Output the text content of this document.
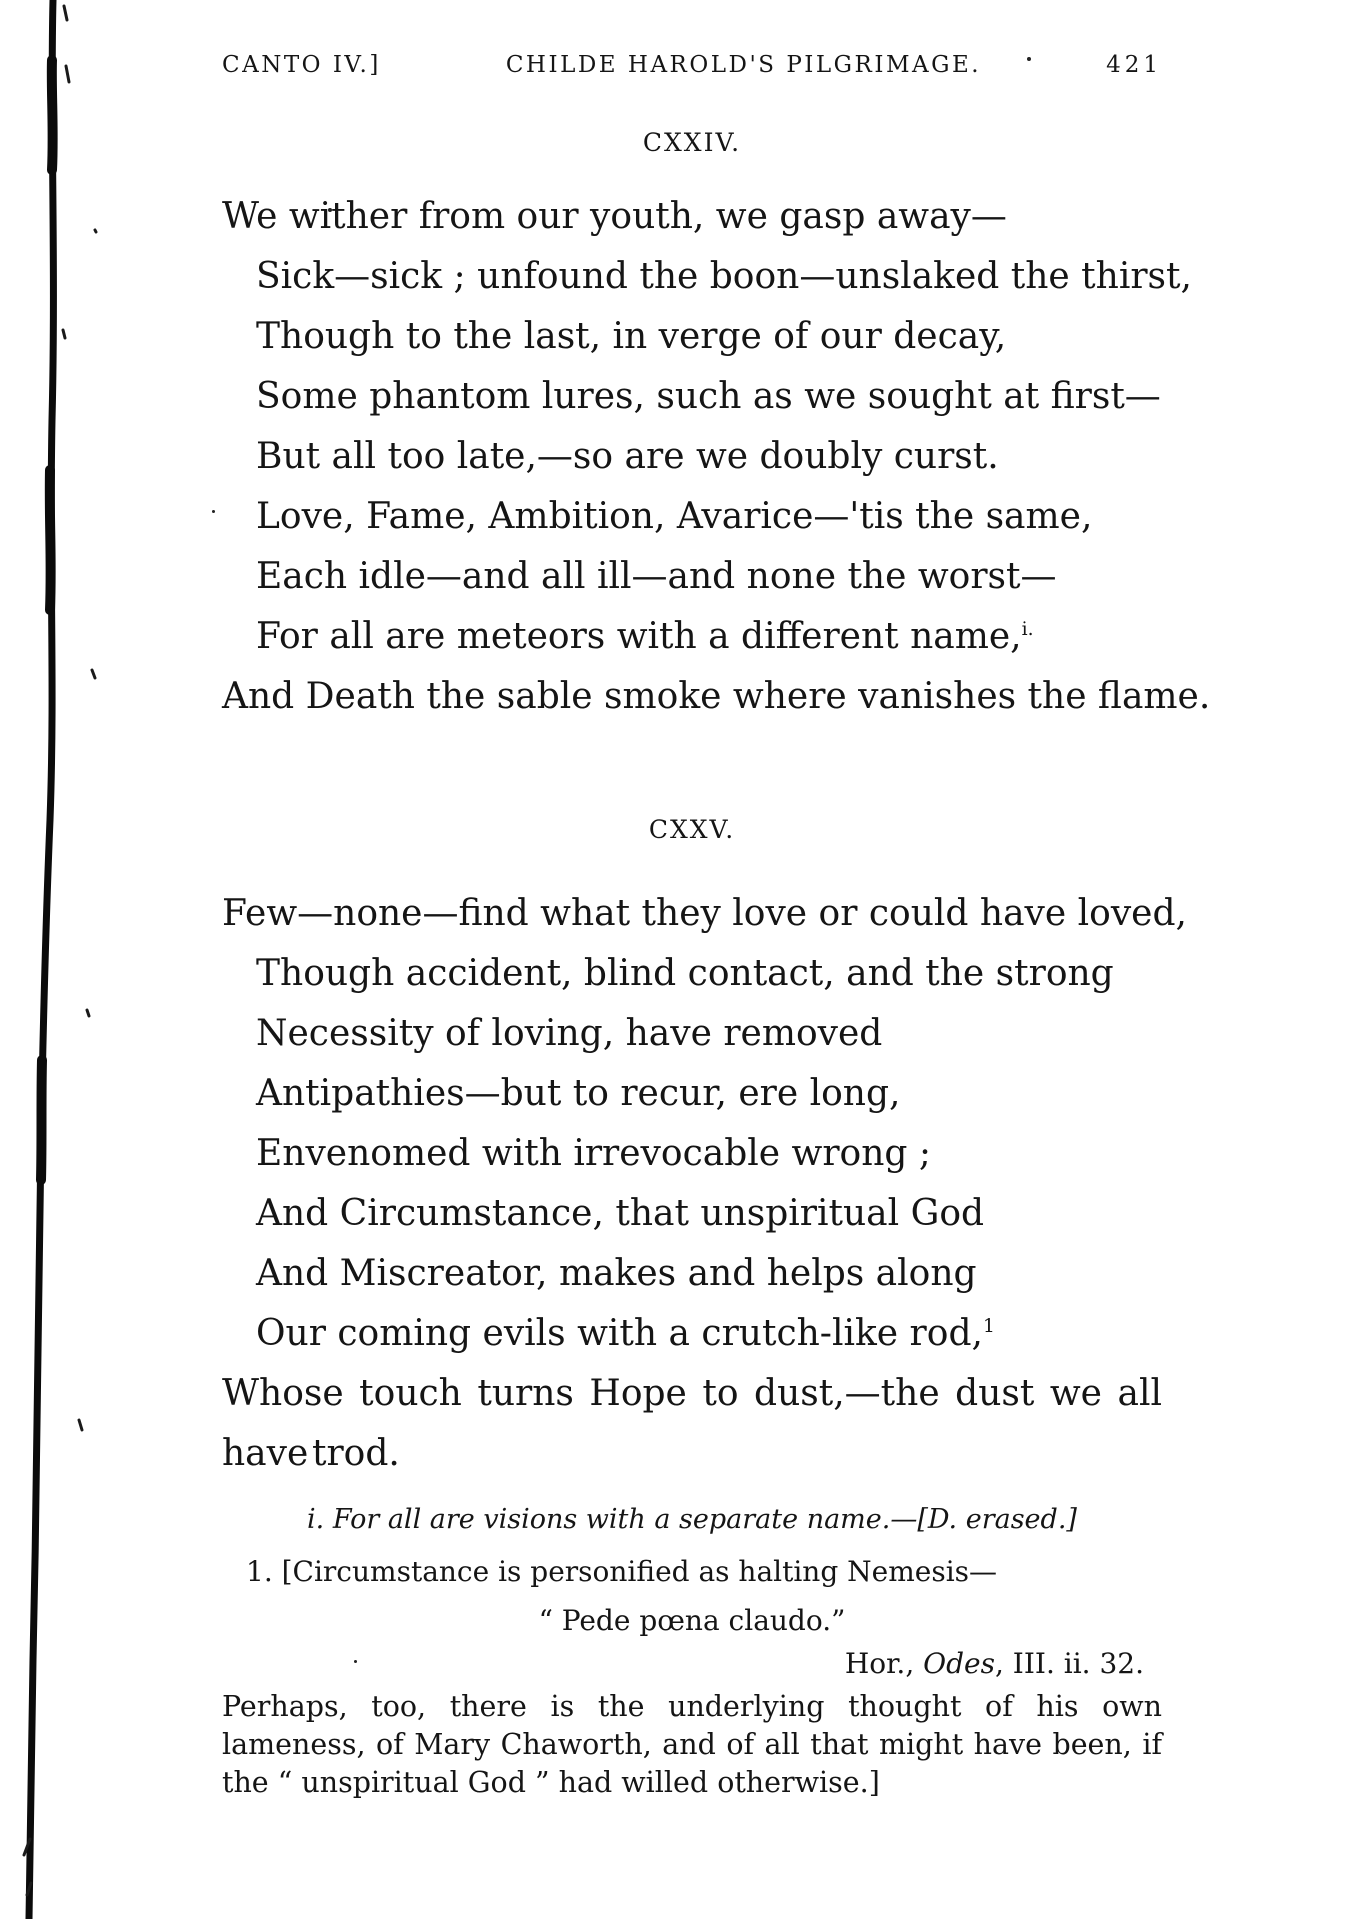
CANTO IV.]	CHILDE HAROLD'S PILGRIMAGE.	421
CXXIV.
We wither from our youth, we gasp away—
Sick—sick ; unfound the boon—unslaked the thirst,
Though to the last, in verge of our decay,
Some phantom lures, such as we sought at first—
But all too late,—so are we doubly curst.
Love, Fame, Ambition, Avarice—'tis the same,
Each idle—and all ill—and none the worst—
For all are meteors with a different name,$^{i.}$
And Death the sable smoke where vanishes the flame.
CXXV.
Few—none—find what they love or could have loved,
Though accident, blind contact, and the strong
Necessity of loving, have removed
Antipathies—but to recur, ere long,
Envenomed with irrevocable wrong ;
And Circumstance, that unspiritual God
And Miscreator, makes and helps along
Our coming evils with a crutch-like rod,$^1$
Whose touch turns Hope to dust,—the dust we all have trod.
i. For all are visions with a separate name.—[D. erased.]
1. [Circumstance is personified as halting Nemesis—
“ Pede pœna claudo.”
Hor., Odes, III. ii. 32.
Perhaps, too, there is the underlying thought of his own lameness, of Mary Chaworth, and of all that might have been, if the “ unspiritual God ” had willed otherwise.]
